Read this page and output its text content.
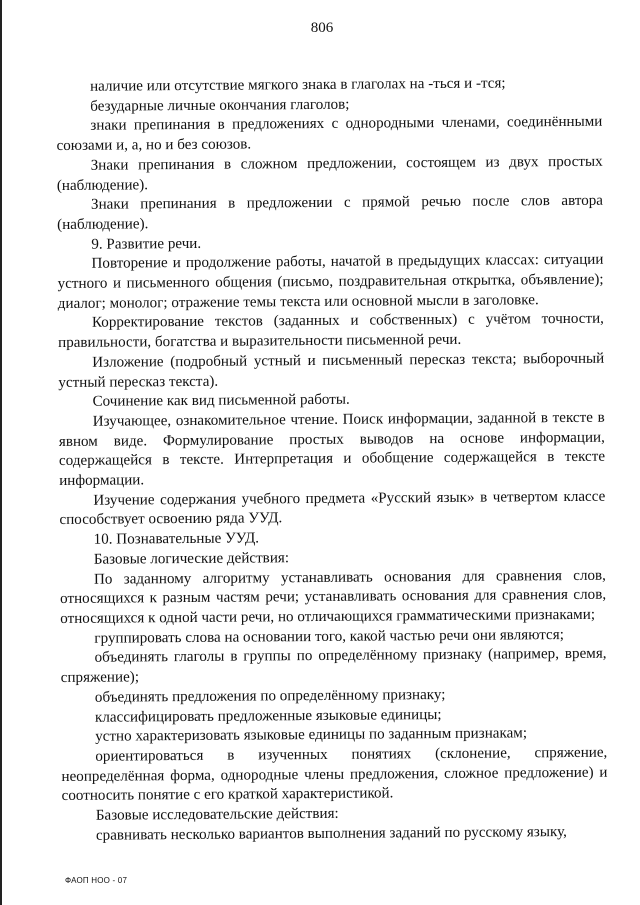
806

наличие или отсутствие мягкого знака в глаголах на -ться и -тся;

безударные личные окончания глаголов;

знаки препинания в предложениях с однородными членами, соединёнными союзами и, а, но и без союзов.

Знаки препинания в сложном предложении, состоящем из двух простых (наблюдение).

Знаки препинания в предложении с прямой речью после слов автора (наблюдение).

9. Развитие речи.

Повторение и продолжение работы, начатой в предыдущих классах: ситуации устного и письменного общения (письмо, поздравительная открытка, объявление); диалог; монолог; отражение темы текста или основной мысли в заголовке.

Корректирование текстов (заданных и собственных) с учётом точности, правильности, богатства и выразительности письменной речи.

Изложение (подробный устный и письменный пересказ текста; выборочный устный пересказ текста).

Сочинение как вид письменной работы.

Изучающее, ознакомительное чтение. Поиск информации, заданной в тексте в явном виде. Формулирование простых выводов на основе информации, содержащейся в тексте. Интерпретация и обобщение содержащейся в тексте информации.

Изучение содержания учебного предмета «Русский язык» в четвертом классе способствует освоению ряда УУД.

10. Познавательные УУД.

Базовые логические действия:

По заданному алгоритму устанавливать основания для сравнения слов, относящихся к разным частям речи; устанавливать основания для сравнения слов, относящихся к одной части речи, но отличающихся грамматическими признаками;

группировать слова на основании того, какой частью речи они являются;

объединять глаголы в группы по определённому признаку (например, время, спряжение);

объединять предложения по определённому признаку;

классифицировать предложенные языковые единицы;

устно характеризовать языковые единицы по заданным признакам;

ориентироваться в изученных понятиях (склонение, спряжение, неопределённая форма, однородные члены предложения, сложное предложение) и соотносить понятие с его краткой характеристикой.

Базовые исследовательские действия:

сравнивать несколько вариантов выполнения заданий по русскому языку,

ФАОП НОО - 07
